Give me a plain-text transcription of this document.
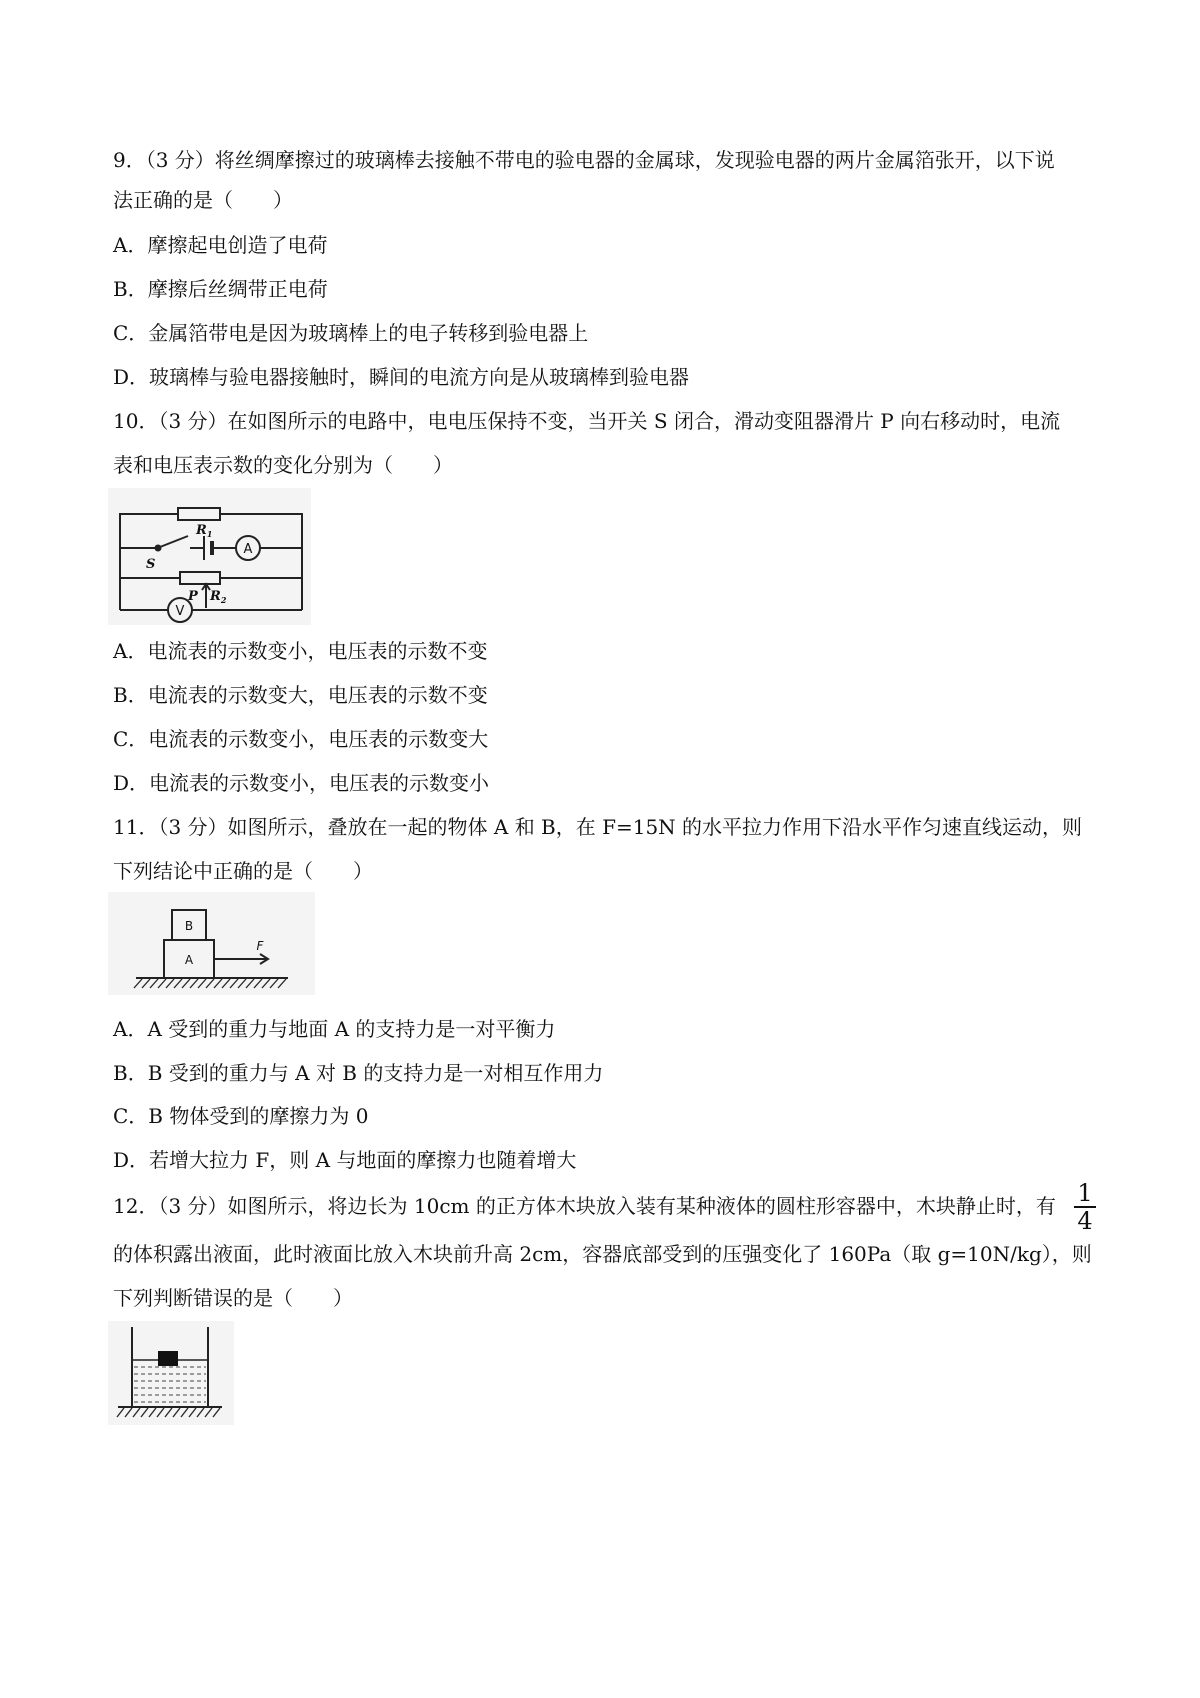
9．（3 分）将丝绸摩擦过的玻璃棒去接触不带电的验电器的金属球，发现验电器的两片金属箔张开，以下说
法正确的是（　　）
A．摩擦起电创造了电荷
B．摩擦后丝绸带正电荷
C．金属箔带电是因为玻璃棒上的电子转移到验电器上
D．玻璃棒与验电器接触时，瞬间的电流方向是从玻璃棒到验电器
10．（3 分）在如图所示的电路中，电电压保持不变，当开关 S 闭合，滑动变阻器滑片 P 向右移动时，电流
表和电压表示数的变化分别为（　　）
$R_1$
S
P $R_2$
A
V
A．电流表的示数变小，电压表的示数不变
B．电流表的示数变大，电压表的示数不变
C．电流表的示数变小，电压表的示数变大
D．电流表的示数变小，电压表的示数变小
11．（3 分）如图所示，叠放在一起的物体 A 和 B，在 F=15N 的水平拉力作用下沿水平作匀速直线运动，则
下列结论中正确的是（　　）
B
A
F
A．A 受到的重力与地面 A 的支持力是一对平衡力
B．B 受到的重力与 A 对 B 的支持力是一对相互作用力
C．B 物体受到的摩擦力为 0
D．若增大拉力 F，则 A 与地面的摩擦力也随着增大
12．（3 分）如图所示，将边长为 10cm 的正方体木块放入装有某种液体的圆柱形容器中，木块静止时，有 $\frac{1}{4}$
的体积露出液面，此时液面比放入木块前升高 2cm，容器底部受到的压强变化了 160Pa（取 g=10N/kg），则
下列判断错误的是（　　）
